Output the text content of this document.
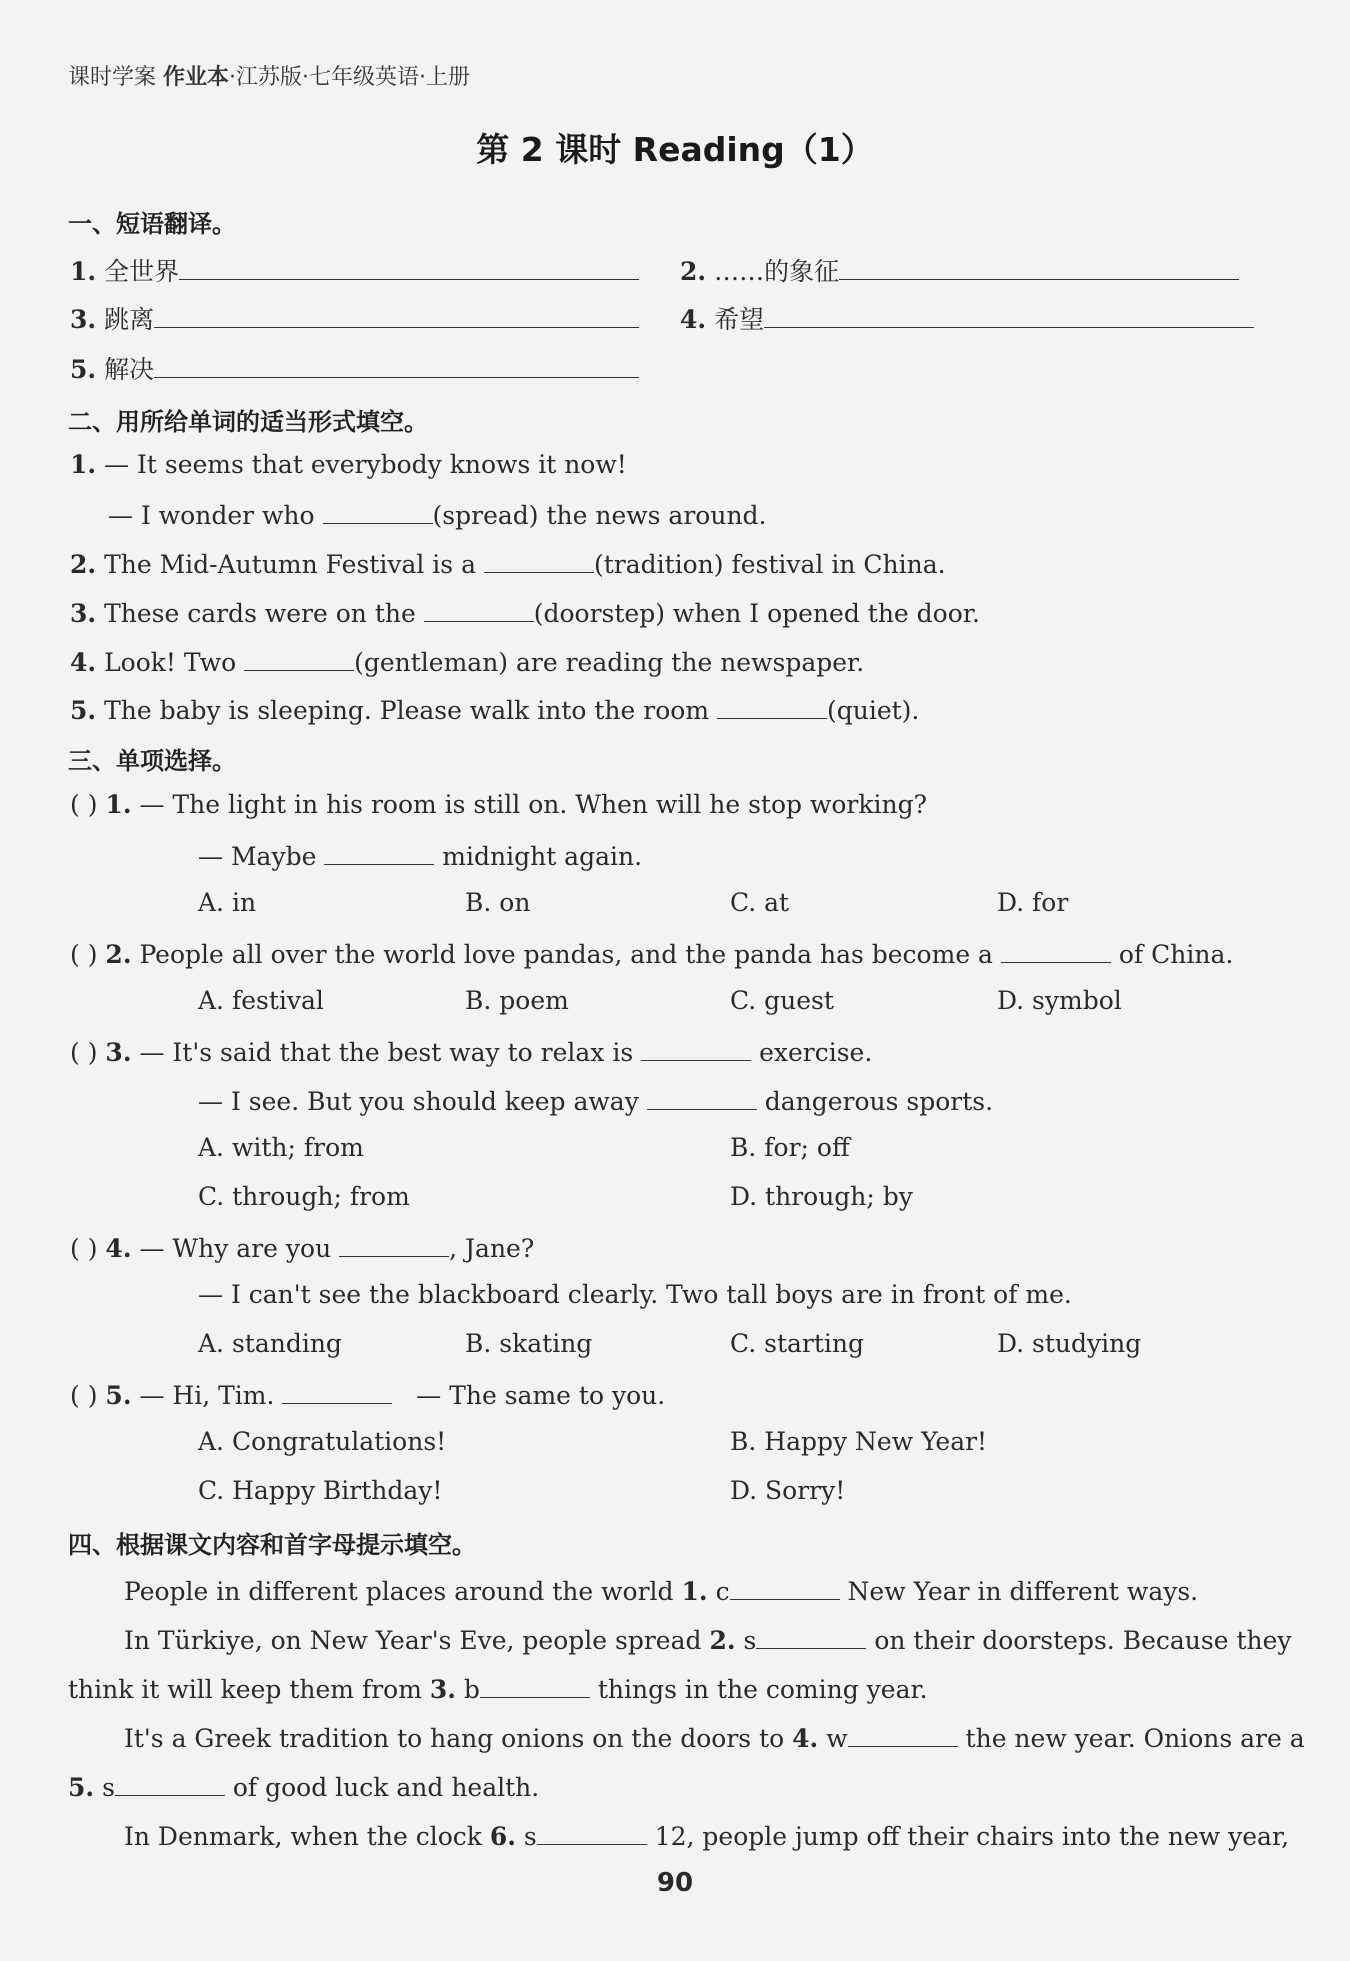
课时学案 作业本·江苏版·七年级英语·上册
第 2 课时 Reading（1）
一、短语翻译。
1. 全世界	2. ……的象征
3. 跳离	4. 希望
5. 解决
二、用所给单词的适当形式填空。
1. — It seems that everybody knows it now!
— I wonder who	(spread) the news around.
2. The Mid-Autumn Festival is a	(tradition) festival in China.
3. These cards were on the	(doorstep) when I opened the door.
4. Look! Two	(gentleman) are reading the newspaper.
5. The baby is sleeping. Please walk into the room	(quiet).
三、单项选择。
( ) 1. — The light in his room is still on. When will he stop working?
— Maybe	midnight again.
A. in	B. on	C. at	D. for
( ) 2. People all over the world love pandas, and the panda has become a	of China.
A. festival	B. poem	C. guest	D. symbol
( ) 3. — It's said that the best way to relax is	exercise.
— I see. But you should keep away	dangerous sports.
A. with; from	B. for; off
C. through; from	D. through; by
( ) 4. — Why are you	, Jane?
— I can't see the blackboard clearly. Two tall boys are in front of me.
A. standing	B. skating	C. starting	D. studying
( ) 5. — Hi, Tim.	— The same to you.
A. Congratulations!	B. Happy New Year!
C. Happy Birthday!	D. Sorry!
四、根据课文内容和首字母提示填空。
People in different places around the world 1. c	New Year in different ways.
In Türkiye, on New Year's Eve, people spread 2. s	on their doorsteps. Because they
think it will keep them from 3. b	things in the coming year.
It's a Greek tradition to hang onions on the doors to 4. w	the new year. Onions are a
5. s	of good luck and health.
In Denmark, when the clock 6. s	12, people jump off their chairs into the new year,
90
